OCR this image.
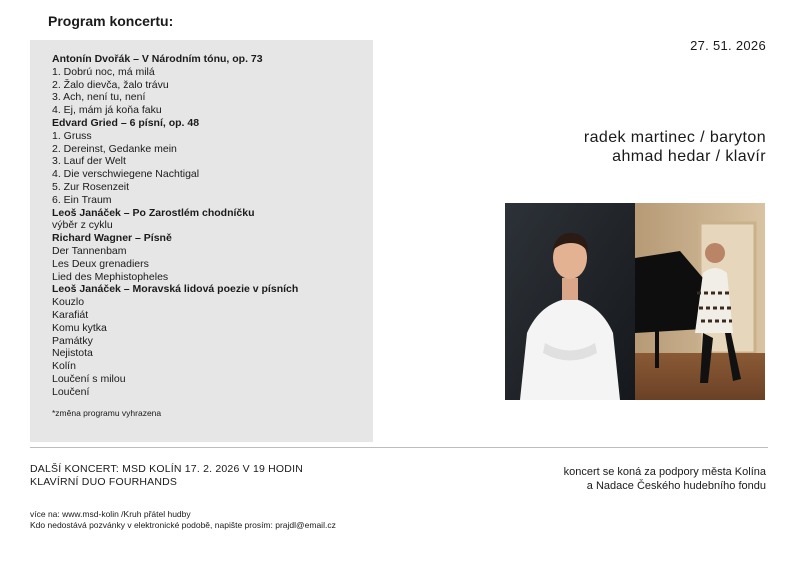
Program koncertu:
Antonín Dvořák – V Národním tónu, op. 73
1. Dobrú noc, má milá
2. Žalo dievča, žalo trávu
3. Ach, není tu, není
4. Ej, mám já koňa faku
Edvard Gried – 6 písní, op. 48
1. Gruss
2. Dereinst, Gedanke mein
3. Lauf der Welt
4. Die verschwiegene Nachtigal
5. Zur Rosenzeit
6. Ein Traum
Leoš Janáček – Po Zarostlém chodníčku
výběr z cyklu
Richard Wagner – Písně
Der Tannenbam
Les Deux grenadiers
Lied des Mephistopheles
Leoš Janáček – Moravská lidová poezie v písních
Kouzlo
Karafiát
Komu kytka
Památky
Nejistota
Kolín
Loučení s milou
Loučení
*změna programu vyhrazena
27. 51. 2026
radek martinec / baryton
ahmad hedar / klavír
DALŠÍ KONCERT: MSD KOLÍN 17. 2. 2026 V 19 HODIN
KLAVÍRNÍ DUO FOURHANDS
koncert se koná za podpory města Kolína
a Nadace Českého hudebního fondu
více na: www.msd-kolin /Kruh přátel hudby
Kdo nedostává pozvánky v elektronické podobě, napište prosím: prajdl@email.cz
